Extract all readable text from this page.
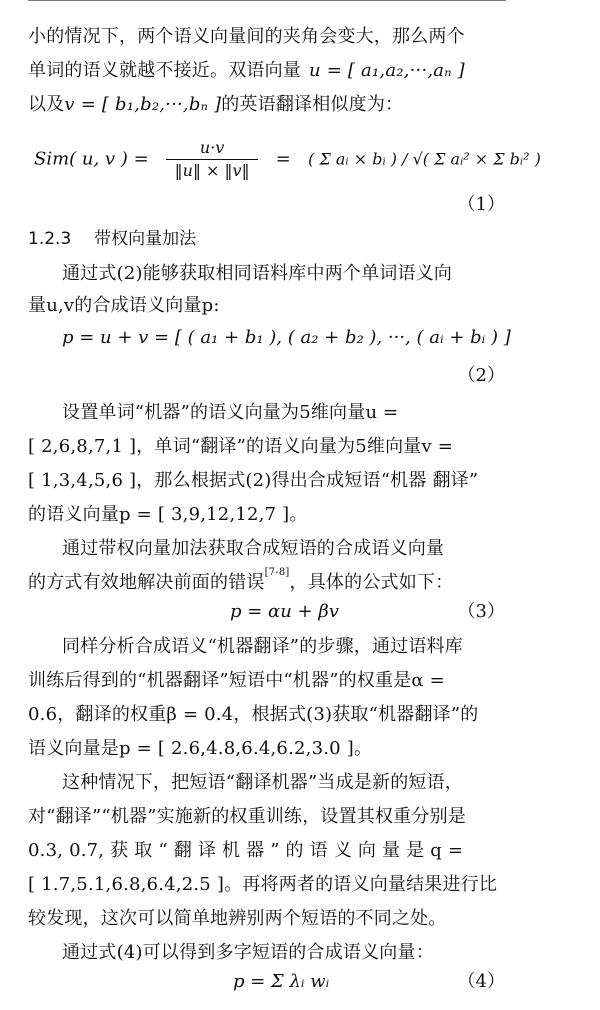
小的情况下，两个语义向量间的夹角会变大，那么两个
单词的语义就越不接近。双语向量 u = [ a₁,a₂,···,aₙ ]
以及v = [ b₁,b₂,···,bₙ ]的英语翻译相似度为：
Sim( u, v ) = $\frac{u\cdot v}{‖u‖ \times ‖v‖}$ = ( Σ aᵢ × bᵢ ) / √( Σ aᵢ² × Σ bᵢ² )
（1）
1.2.3 带权向量加法
通过式(2)能够获取相同语料库中两个单词语义向
量u,v的合成语义向量p:
p = u + v = [ ( a₁ + b₁ ), ( a₂ + b₂ ), ···, ( aᵢ + bᵢ ) ]
（2）
设置单词“机器”的语义向量为5维向量u =
[ 2,6,8,7,1 ]，单词“翻译”的语义向量为5维向量v =
[ 1,3,4,5,6 ]，那么根据式(2)得出合成短语“机器 翻译”
的语义向量p = [ 3,9,12,12,7 ]。
通过带权向量加法获取合成短语的合成语义向量
的方式有效地解决前面的错误[7-8]，具体的公式如下：
p = αu + βv	（3）
同样分析合成语义“机器翻译”的步骤，通过语料库
训练后得到的“机器翻译”短语中“机器”的权重是α =
0.6，翻译的权重β = 0.4，根据式(3)获取“机器翻译”的
语义向量是p = [ 2.6,4.8,6.4,6.2,3.0 ]。
这种情况下，把短语“翻译机器”当成是新的短语，
对“翻译”“机器”实施新的权重训练，设置其权重分别是
0.3, 0.7, 获 取 “ 翻 译 机 器 ” 的 语 义 向 量 是 q =
[ 1.7,5.1,6.8,6.4,2.5 ]。再将两者的语义向量结果进行比
较发现，这次可以简单地辨别两个短语的不同之处。
通过式(4)可以得到多字短语的合成语义向量：
p = Σ λᵢ wᵢ	（4）
